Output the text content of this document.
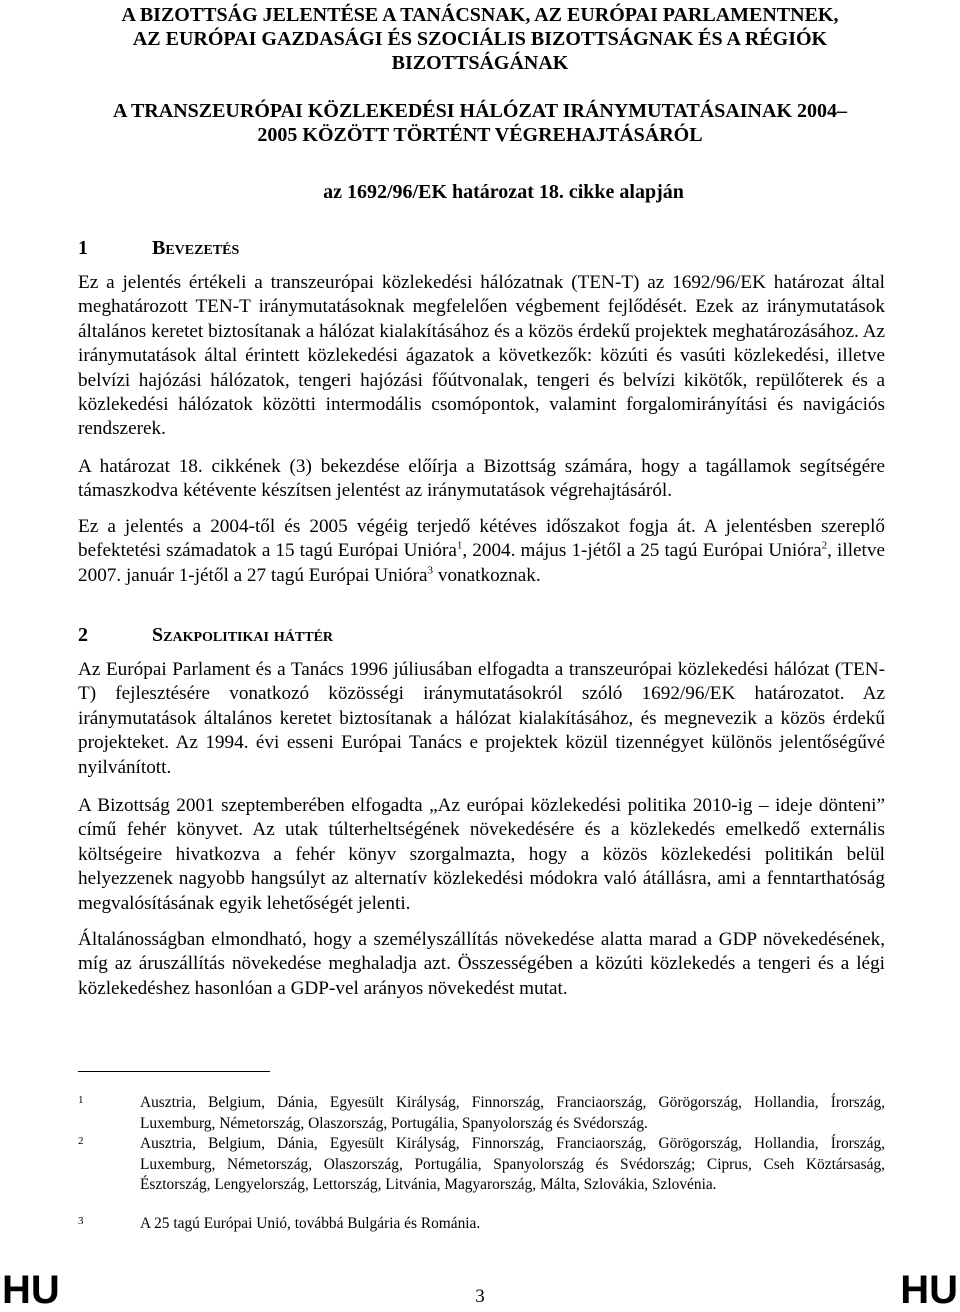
A BIZOTTSÁG JELENTÉSE A TANÁCSNAK, AZ EURÓPAI PARLAMENTNEK,
AZ EURÓPAI GAZDASÁGI ÉS SZOCIÁLIS BIZOTTSÁGNAK ÉS A RÉGIÓK
BIZOTTSÁGÁNAK
A TRANSZEURÓPAI KÖZLEKEDÉSI HÁLÓZAT IRÁNYMUTATÁSAINAK 2004–
2005 KÖZÖTT TÖRTÉNT VÉGREHAJTÁSÁRÓL
az 1692/96/EK határozat 18. cikke alapján
1	Bevezetés

Ez a jelentés értékeli a transzeurópai közlekedési hálózatnak (TEN-T) az 1692/96/EK határozat által meghatározott TEN-T iránymutatásoknak megfelelően végbement fejlődését. Ezek az iránymutatások általános keretet biztosítanak a hálózat kialakításához és a közös érdekű projektek meghatározásához. Az iránymutatások által érintett közlekedési ágazatok a következők: közúti és vasúti közlekedési, illetve belvízi hajózási hálózatok, tengeri hajózási főútvonalak, tengeri és belvízi kikötők, repülőterek és a közlekedési hálózatok közötti intermodális csomópontok, valamint forgalomirányítási és navigációs rendszerek.

A határozat 18. cikkének (3) bekezdése előírja a Bizottság számára, hogy a tagállamok segítségére támaszkodva kétévente készítsen jelentést az iránymutatások végrehajtásáról.

Ez a jelentés a 2004-től és 2005 végéig terjedő kétéves időszakot fogja át. A jelentésben szereplő befektetési számadatok a 15 tagú Európai Unióra$^1$, 2004. május 1-jétől a 25 tagú Európai Unióra$^2$, illetve 2007. január 1-jétől a 27 tagú Európai Unióra$^3$ vonatkoznak.

2	Szakpolitikai háttér

Az Európai Parlament és a Tanács 1996 júliusában elfogadta a transzeurópai közlekedési hálózat (TEN-T) fejlesztésére vonatkozó közösségi iránymutatásokról szóló 1692/96/EK határozatot. Az iránymutatások általános keretet biztosítanak a hálózat kialakításához, és megnevezik a közös érdekű projekteket. Az 1994. évi esseni Európai Tanács e projektek közül tizennégyet különös jelentőségűvé nyilvánított.

A Bizottság 2001 szeptemberében elfogadta „Az európai közlekedési politika 2010-ig – ideje dönteni” című fehér könyvet. Az utak túlterheltségének növekedésére és a közlekedés emelkedő externális költségeire hivatkozva a fehér könyv szorgalmazta, hogy a közös közlekedési politikán belül helyezzenek nagyobb hangsúlyt az alternatív közlekedési módokra való átállásra, ami a fenntarthatóság megvalósításának egyik lehetőségét jelenti.

Általánosságban elmondható, hogy a személyszállítás növekedése alatta marad a GDP növekedésének, míg az áruszállítás növekedése meghaladja azt. Összességében a közúti közlekedés a tengeri és a légi közlekedéshez hasonlóan a GDP-vel arányos növekedést mutat.

1	Ausztria, Belgium, Dánia, Egyesült Királyság, Finnország, Franciaország, Görögország, Hollandia, Írország, Luxemburg, Németország, Olaszország, Portugália, Spanyolország és Svédország.
2	Ausztria, Belgium, Dánia, Egyesült Királyság, Finnország, Franciaország, Görögország, Hollandia, Írország, Luxemburg, Németország, Olaszország, Portugália, Spanyolország és Svédország; Ciprus, Cseh Köztársaság, Észtország, Lengyelország, Lettország, Litvánia, Magyarország, Málta, Szlovákia, Szlovénia.
3	A 25 tagú Európai Unió, továbbá Bulgária és Románia.
HU	3	HU
